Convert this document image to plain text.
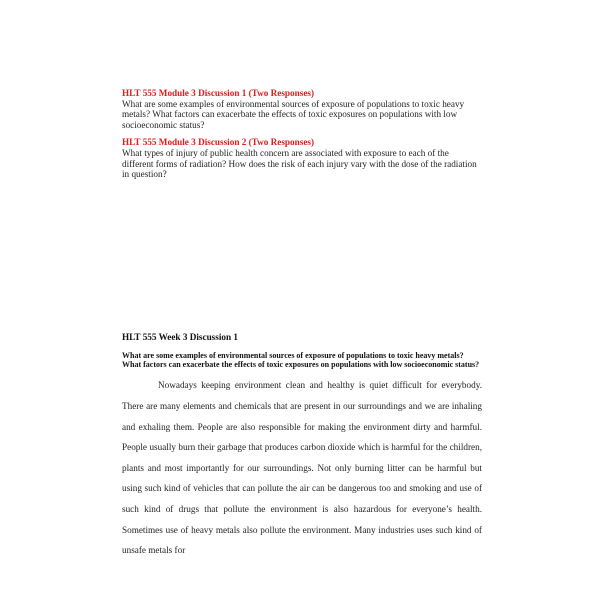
HLT 555 Module 3 Discussion 1 (Two Responses)

What are some examples of environmental sources of exposure of populations to toxic heavy metals? What factors can exacerbate the effects of toxic exposures on populations with low socioeconomic status?

HLT 555 Module 3 Discussion 2 (Two Responses)

What types of injury of public health concern are associated with exposure to each of the different forms of radiation? How does the risk of each injury vary with the dose of the radiation in question?

HLT 555 Week 3 Discussion 1

What are some examples of environmental sources of exposure of populations to toxic heavy metals? What factors can exacerbate the effects of toxic exposures on populations with low socioeconomic status?

Nowadays keeping environment clean and healthy is quiet difficult for everybody. There are many elements and chemicals that are present in our surroundings and we are inhaling and exhaling them. People are also responsible for making the environment dirty and harmful. People usually burn their garbage that produces carbon dioxide which is harmful for the children, plants and most importantly for our surroundings. Not only burning litter can be harmful but using such kind of vehicles that can pollute the air can be dangerous too and smoking and use of such kind of drugs that pollute the environment is also hazardous for everyone’s health. Sometimes use of heavy metals also pollute the environment. Many industries uses such kind of unsafe metals for
